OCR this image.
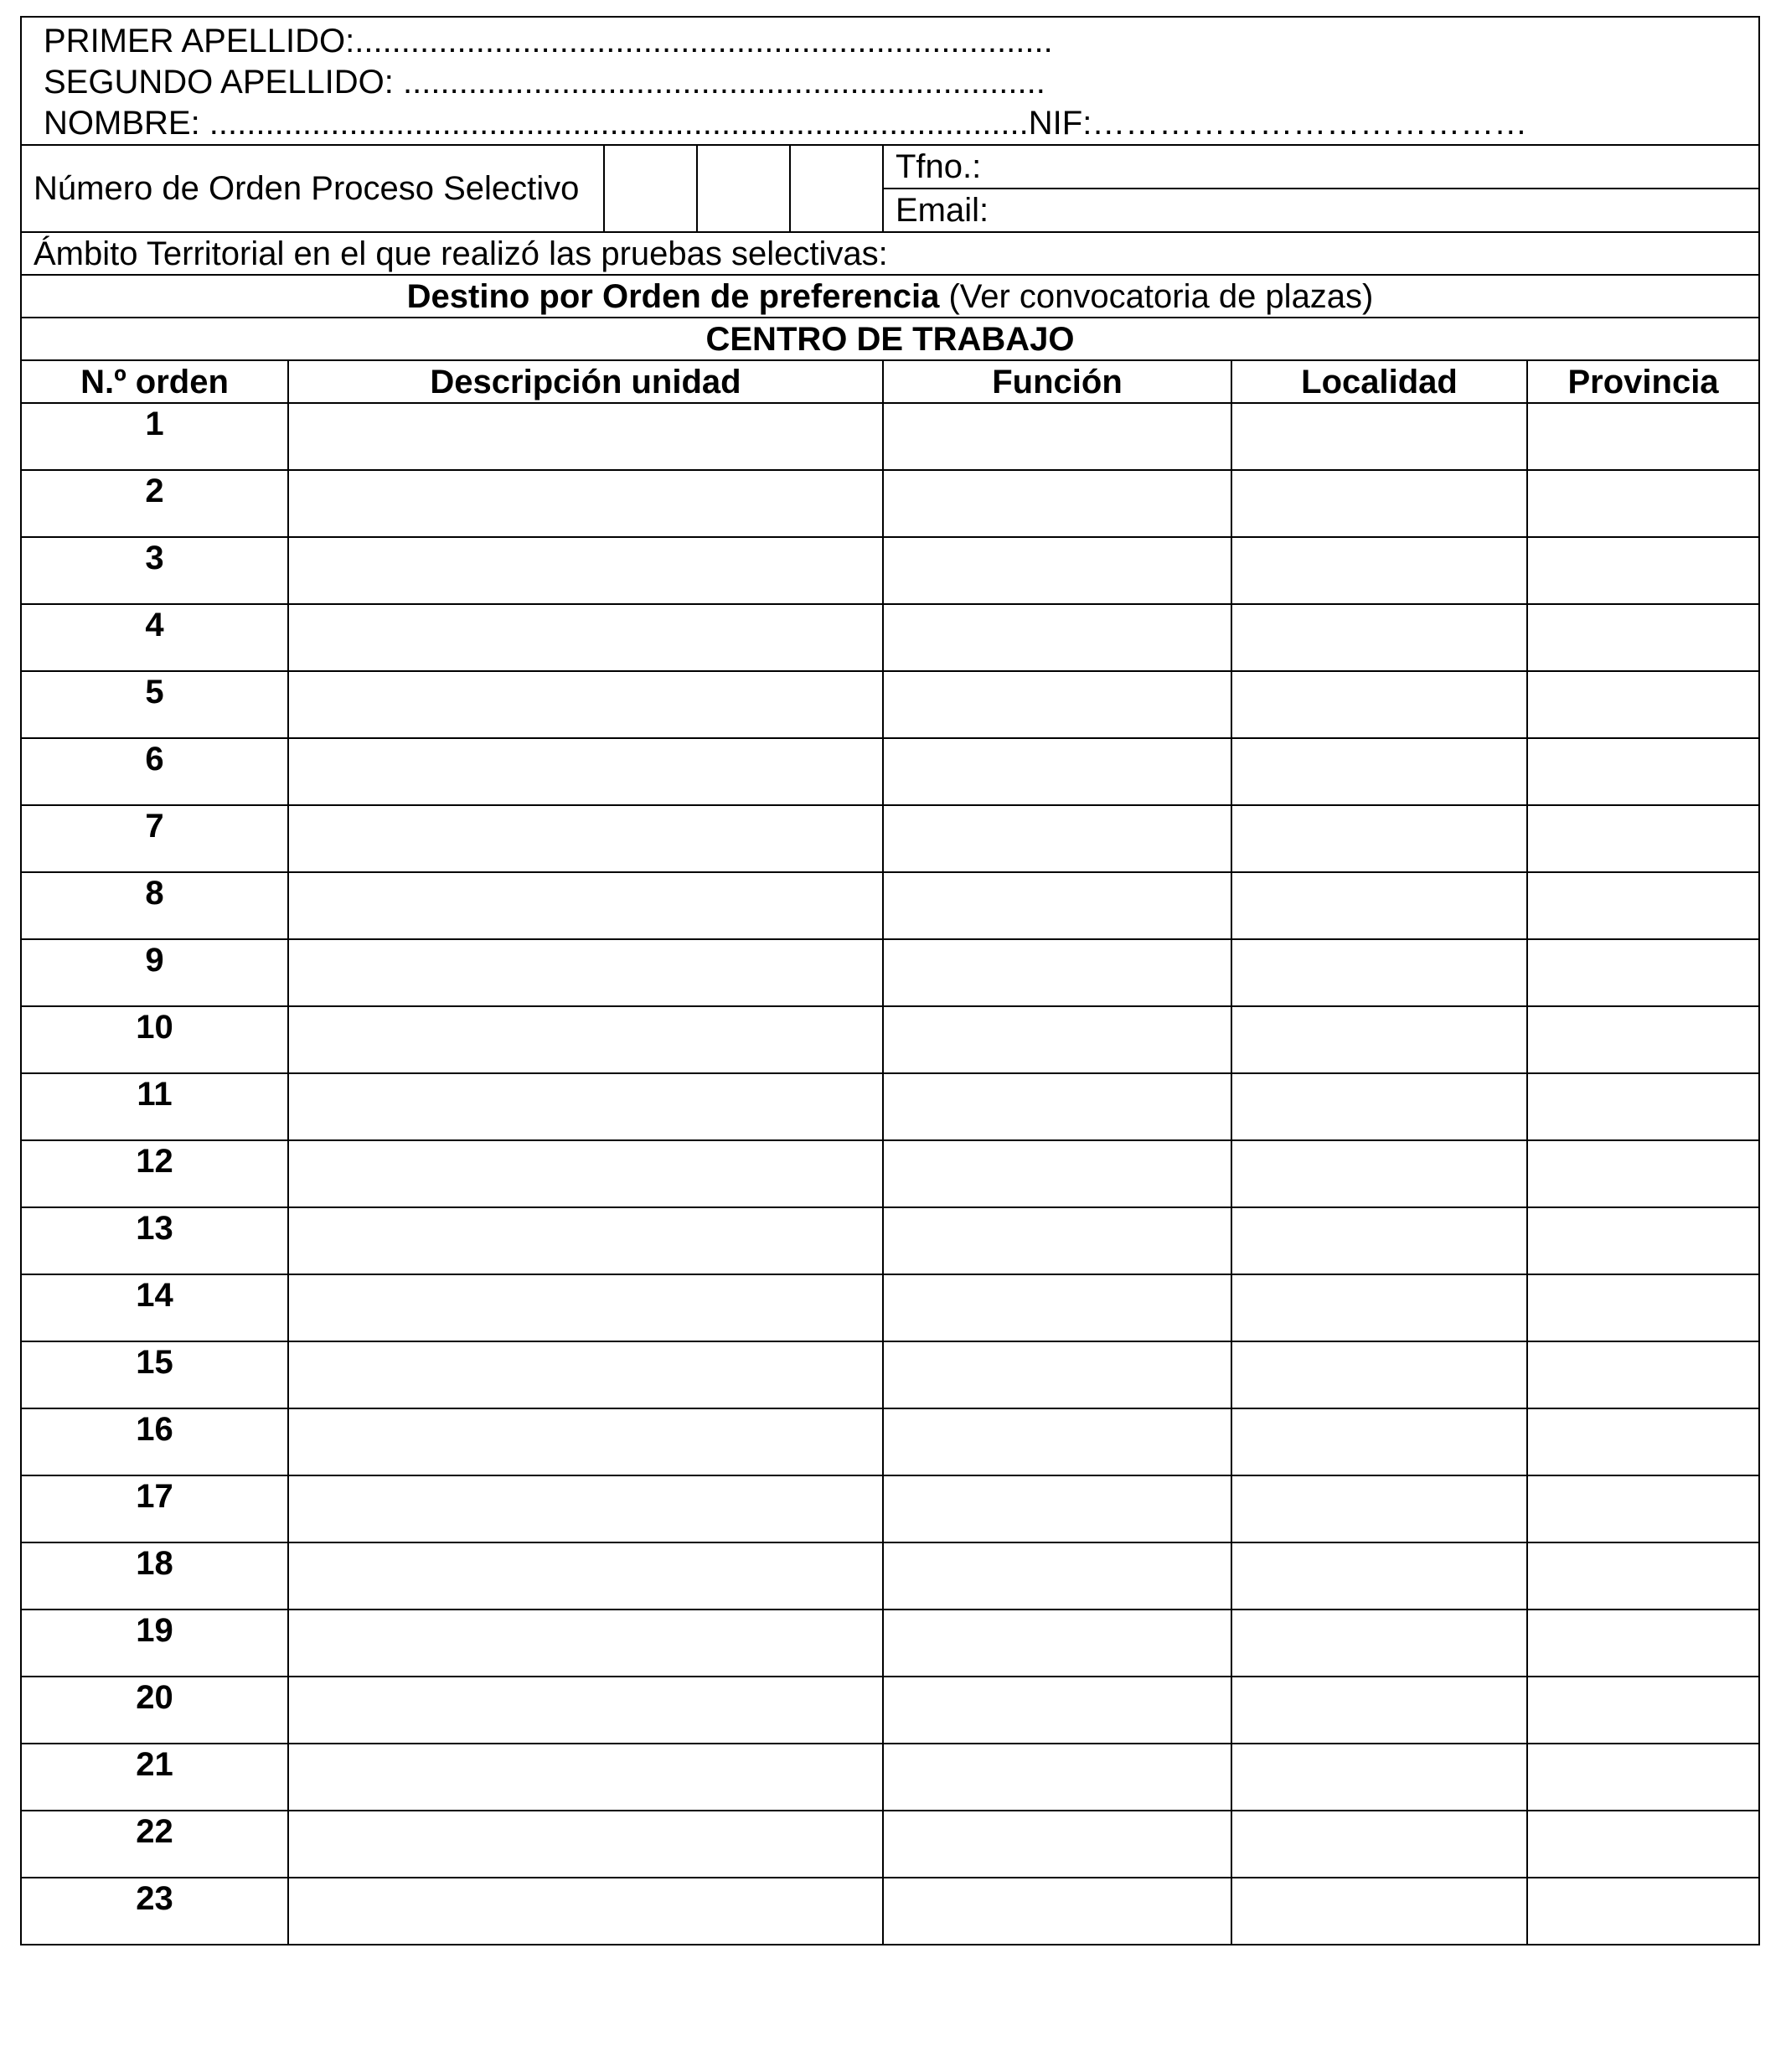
PRIMER APELLIDO:...........................................................................
SEGUNDO APELLIDO: .....................................................................
NOMBRE: ........................................................................................NIF:…………………………………							

Número de Orden Proceso Selectivo					Tfno.:		
					Email:		
Ámbito Territorial en el que realizó las pruebas selectivas:							
Destino por Orden de preferencia (Ver convocatoria de plazas)							
CENTRO DE TRABAJO							
N.º orden	Descripción unidad				Función	Localidad	Provincia
1							
2							
3							
4							
5							
6							
7							
8							
9							
10							
11							
12							
13							
14							
15							
16							
17							
18							
19							
20							
21							
22							
23							
